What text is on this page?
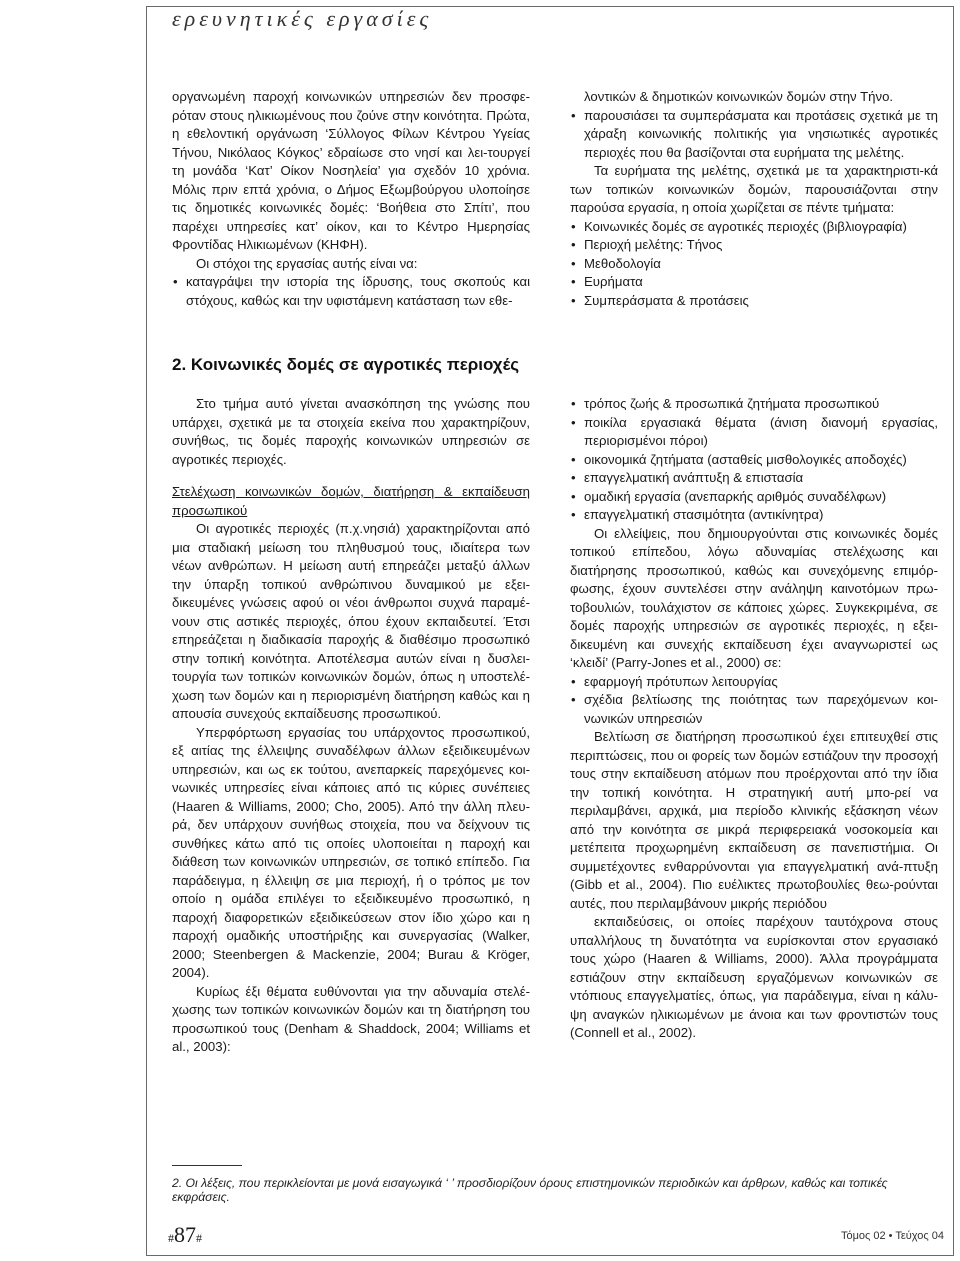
ερευνητικές εργασίες

οργανωμένη παροχή κοινωνικών υπηρεσιών δεν προσφε-ρόταν στους ηλικιωμένους που ζούνε στην κοινότητα. Πρώτα, η εθελοντική οργάνωση ‘Σύλλογος Φίλων Κέντρου Υγείας Τήνου, Νικόλαος Κόγκος’ εδραίωσε στο νησί και λει-τουργεί τη μονάδα ‘Κατ’ Οίκον Νοσηλεία’ για σχεδόν 10 χρόνια. Μόλις πριν επτά χρόνια, ο Δήμος Εξωμβούργου υλοποίησε τις δημοτικές κοινωνικές δομές: ‘Βοήθεια στο Σπίτι’, που παρέχει υπηρεσίες κατ’ οίκον, και το Κέντρο Ημερησίας Φροντίδας Ηλικιωμένων (ΚΗΦΗ).

Οι στόχοι της εργασίας αυτής είναι να:

• καταγράψει την ιστορία της ίδρυσης, τους σκοπούς και στόχους, καθώς και την υφιστάμενη κατάσταση των εθε-

λοντικών & δημοτικών κοινωνικών δομών στην Τήνο.

• παρουσιάσει τα συμπεράσματα και προτάσεις σχετικά με τη χάραξη κοινωνικής πολιτικής για νησιωτικές αγροτικές περιοχές που θα βασίζονται στα ευρήματα της μελέτης.

Τα ευρήματα της μελέτης, σχετικά με τα χαρακτηριστι-κά των τοπικών κοινωνικών δομών, παρουσιάζονται στην παρούσα εργασία, η οποία χωρίζεται σε πέντε τμήματα:

• Κοινωνικές δομές σε αγροτικές περιοχές (βιβλιογραφία)
• Περιοχή μελέτης: Τήνος
• Μεθοδολογία
• Ευρήματα
• Συμπεράσματα & προτάσεις
2. Κοινωνικές δομές σε αγροτικές περιοχές

Στο τμήμα αυτό γίνεται ανασκόπηση της γνώσης που υπάρχει, σχετικά με τα στοιχεία εκείνα που χαρακτηρίζουν, συνήθως, τις δομές παροχής κοινωνικών υπηρεσιών σε αγροτικές περιοχές.

Στελέχωση κοινωνικών δομών, διατήρηση & εκπαίδευση προσωπικού

Οι αγροτικές περιοχές (π.χ.νησιά) χαρακτηρίζονται από μια σταδιακή μείωση του πληθυσμού τους, ιδιαίτερα των νέων ανθρώπων. Η μείωση αυτή επηρεάζει μεταξύ άλλων την ύπαρξη τοπικού ανθρώπινου δυναμικού με εξει-δικευμένες γνώσεις αφού οι νέοι άνθρωποι συχνά παραμέ-νουν στις αστικές περιοχές, όπου έχουν εκπαιδευτεί. Έτσι επηρεάζεται η διαδικασία παροχής & διαθέσιμο προσωπικό στην τοπική κοινότητα. Αποτέλεσμα αυτών είναι η δυσλει-τουργία των τοπικών κοινωνικών δομών, όπως η υποστελέ-χωση των δομών και η περιορισμένη διατήρηση καθώς και η απουσία συνεχούς εκπαίδευσης προσωπικού.

Υπερφόρτωση εργασίας του υπάρχοντος προσωπικού, εξ αιτίας της έλλειψης συναδέλφων άλλων εξειδικευμένων υπηρεσιών, και ως εκ τούτου, ανεπαρκείς παρεχόμενες κοι-νωνικές υπηρεσίες είναι κάποιες από τις κύριες συνέπειες (Haaren & Williams, 2000; Cho, 2005). Από την άλλη πλευ-ρά, δεν υπάρχουν συνήθως στοιχεία, που να δείχνουν τις συνθήκες κάτω από τις οποίες υλοποιείται η παροχή και διάθεση των κοινωνικών υπηρεσιών, σε τοπικό επίπεδο. Για παράδειγμα, η έλλειψη σε μια περιοχή, ή ο τρόπος με τον οποίο η ομάδα επιλέγει το εξειδικευμένο προσωπικό, η παροχή διαφορετικών εξειδικεύσεων στον ίδιο χώρο και η παροχή ομαδικής υποστήριξης και συνεργασίας (Walker, 2000; Steenbergen & Mackenzie, 2004; Burau & Kröger, 2004).

Κυρίως έξι θέματα ευθύνονται για την αδυναμία στελέ-χωσης των τοπικών κοινωνικών δομών και τη διατήρηση του προσωπικού τους (Denham & Shaddock, 2004; Williams et al., 2003):

• τρόπος ζωής & προσωπικά ζητήματα προσωπικού
• ποικίλα εργασιακά θέματα (άνιση διανομή εργασίας, περιορισμένοι πόροι)
• οικονομικά ζητήματα (ασταθείς μισθολογικές αποδοχές)
• επαγγελματική ανάπτυξη & επιστασία
• ομαδική εργασία (ανεπαρκής αριθμός συναδέλφων)
• επαγγελματική στασιμότητα (αντικίνητρα)

Οι ελλείψεις, που δημιουργούνται στις κοινωνικές δομές τοπικού επίπεδου, λόγω αδυναμίας στελέχωσης και διατήρησης προσωπικού, καθώς και συνεχόμενης επιμόρ-φωσης, έχουν συντελέσει στην ανάληψη καινοτόμων πρω-τοβουλιών, τουλάχιστον σε κάποιες χώρες. Συγκεκριμένα, σε δομές παροχής υπηρεσιών σε αγροτικές περιοχές, η εξει-δικευμένη και συνεχής εκπαίδευση έχει αναγνωριστεί ως ‘κλειδί’ (Parry-Jones et al., 2000) σε:

• εφαρμογή πρότυπων λειτουργίας
• σχέδια βελτίωσης της ποιότητας των παρεχόμενων κοι-νωνικών υπηρεσιών

Βελτίωση σε διατήρηση προσωπικού έχει επιτευχθεί στις περιπτώσεις, που οι φορείς των δομών εστιάζουν την προσοχή τους στην εκπαίδευση ατόμων που προέρχονται από την ίδια την τοπική κοινότητα. Η στρατηγική αυτή μπο-ρεί να περιλαμβάνει, αρχικά, μια περίοδο κλινικής εξάσκηση νέων από την κοινότητα σε μικρά περιφερειακά νοσοκομεία και μετέπειτα προχωρημένη εκπαίδευση σε πανεπιστήμια. Οι συμμετέχοντες ενθαρρύνονται για επαγγελματική ανά-πτυξη (Gibb et al., 2004). Πιο ευέλικτες πρωτοβουλίες θεω-ρούνται αυτές, που περιλαμβάνουν μικρής περιόδου

εκπαιδεύσεις, οι οποίες παρέχουν ταυτόχρονα στους υπαλλήλους τη δυνατότητα να ευρίσκονται στον εργασιακό τους χώρο (Haaren & Williams, 2000). Άλλα προγράμματα εστιάζουν στην εκπαίδευση εργαζόμενων κοινωνικών σε ντόπιους επαγγελματίες, όπως, για παράδειγμα, είναι η κάλυ-ψη αναγκών ηλικιωμένων με άνοια και των φροντιστών τους (Connell et al., 2002).

2. Οι λέξεις, που περικλείονται με μονά εισαγωγικά ‘ ’ προσδιορίζουν όρους επιστημονικών περιοδικών και άρθρων, καθώς και τοπικές εκφράσεις.
#87#	Τόμος 02 • Τεύχος 04
